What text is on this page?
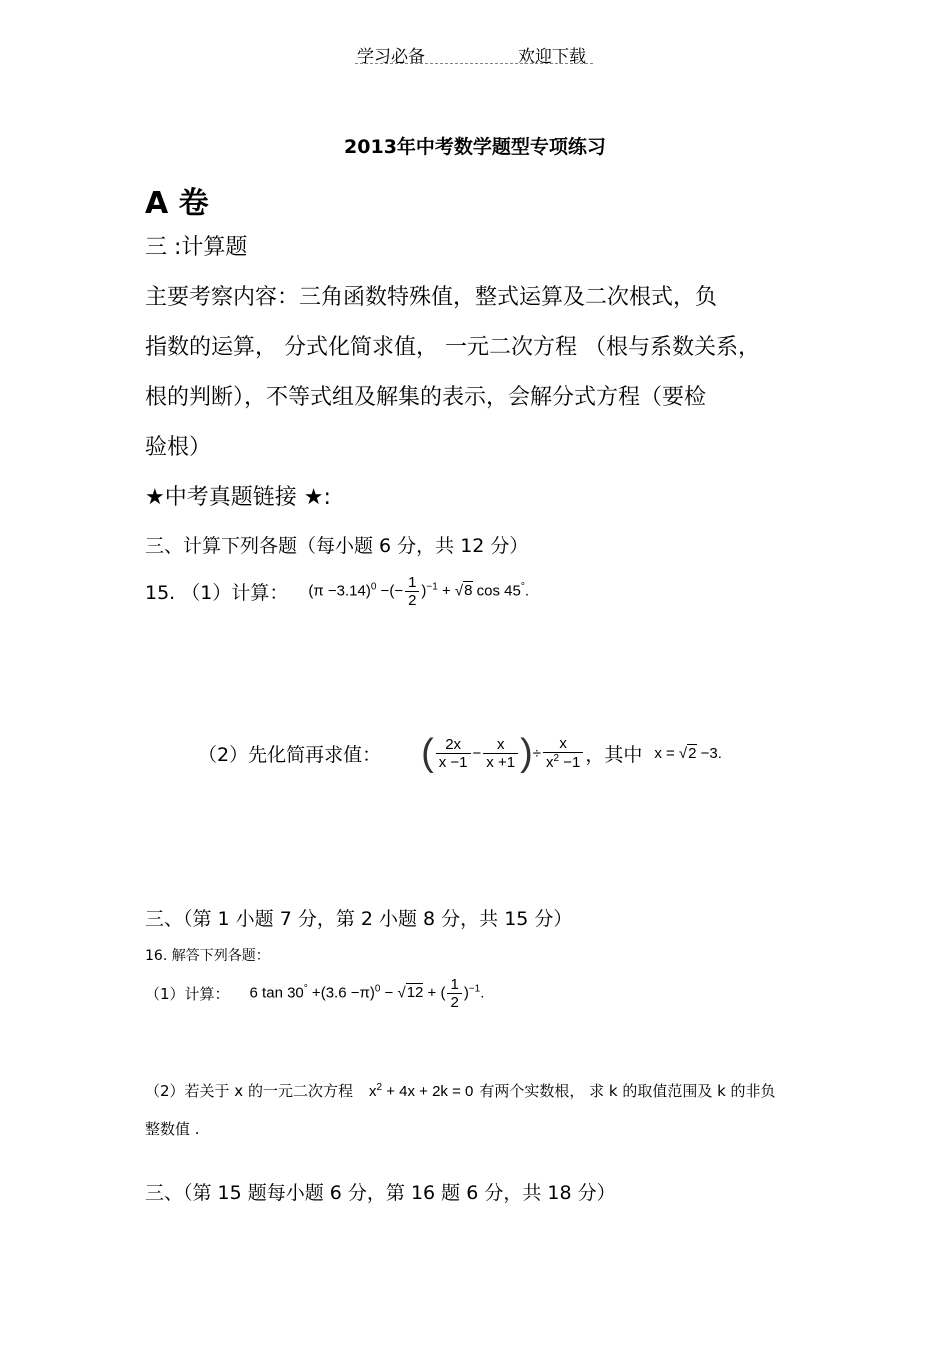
学习必备	欢迎下载
2013年中考数学题型专项练习
A 卷
三 :计算题
主要考察内容：三角函数特殊值，整式运算及二次根式，负
指数的运算， 分式化简求值， 一元二次方程 （根与系数关系，
根的判断），不等式组及解集的表示，会解分式方程（要检
验根）
★中考真题链接 ★:
三、计算下列各题（每小题 6 分，共 12 分）
15. （1）计算： $(\pi -3.14)^0$ −(− $\frac{1}{2} )^{-1} + √8$ cos 45°.
（2）先化简再求值： ( $\frac{2x}{x -1} - \frac{x}{x +1}$ ) ÷ $\frac{x}{x^2 -1}$ ，其中 x = √2 −3.
三、（第 1 小题 7 分，第 2 小题 8 分，共 15 分）
16. 解答下列各题：
（1）计算： 6 $\tan 30^\circ +(3.6 -\pi)^0 - √12$ + ( $\frac{1}{2} )^{-1}$.
（2）若关于 x 的一元二次方程 $x^2 + 4x + 2k = 0$ 有两个实数根， 求 k 的取值范围及 k 的非负
整数值 .
三、（第 15 题每小题 6 分，第 16 题 6 分，共 18 分）
